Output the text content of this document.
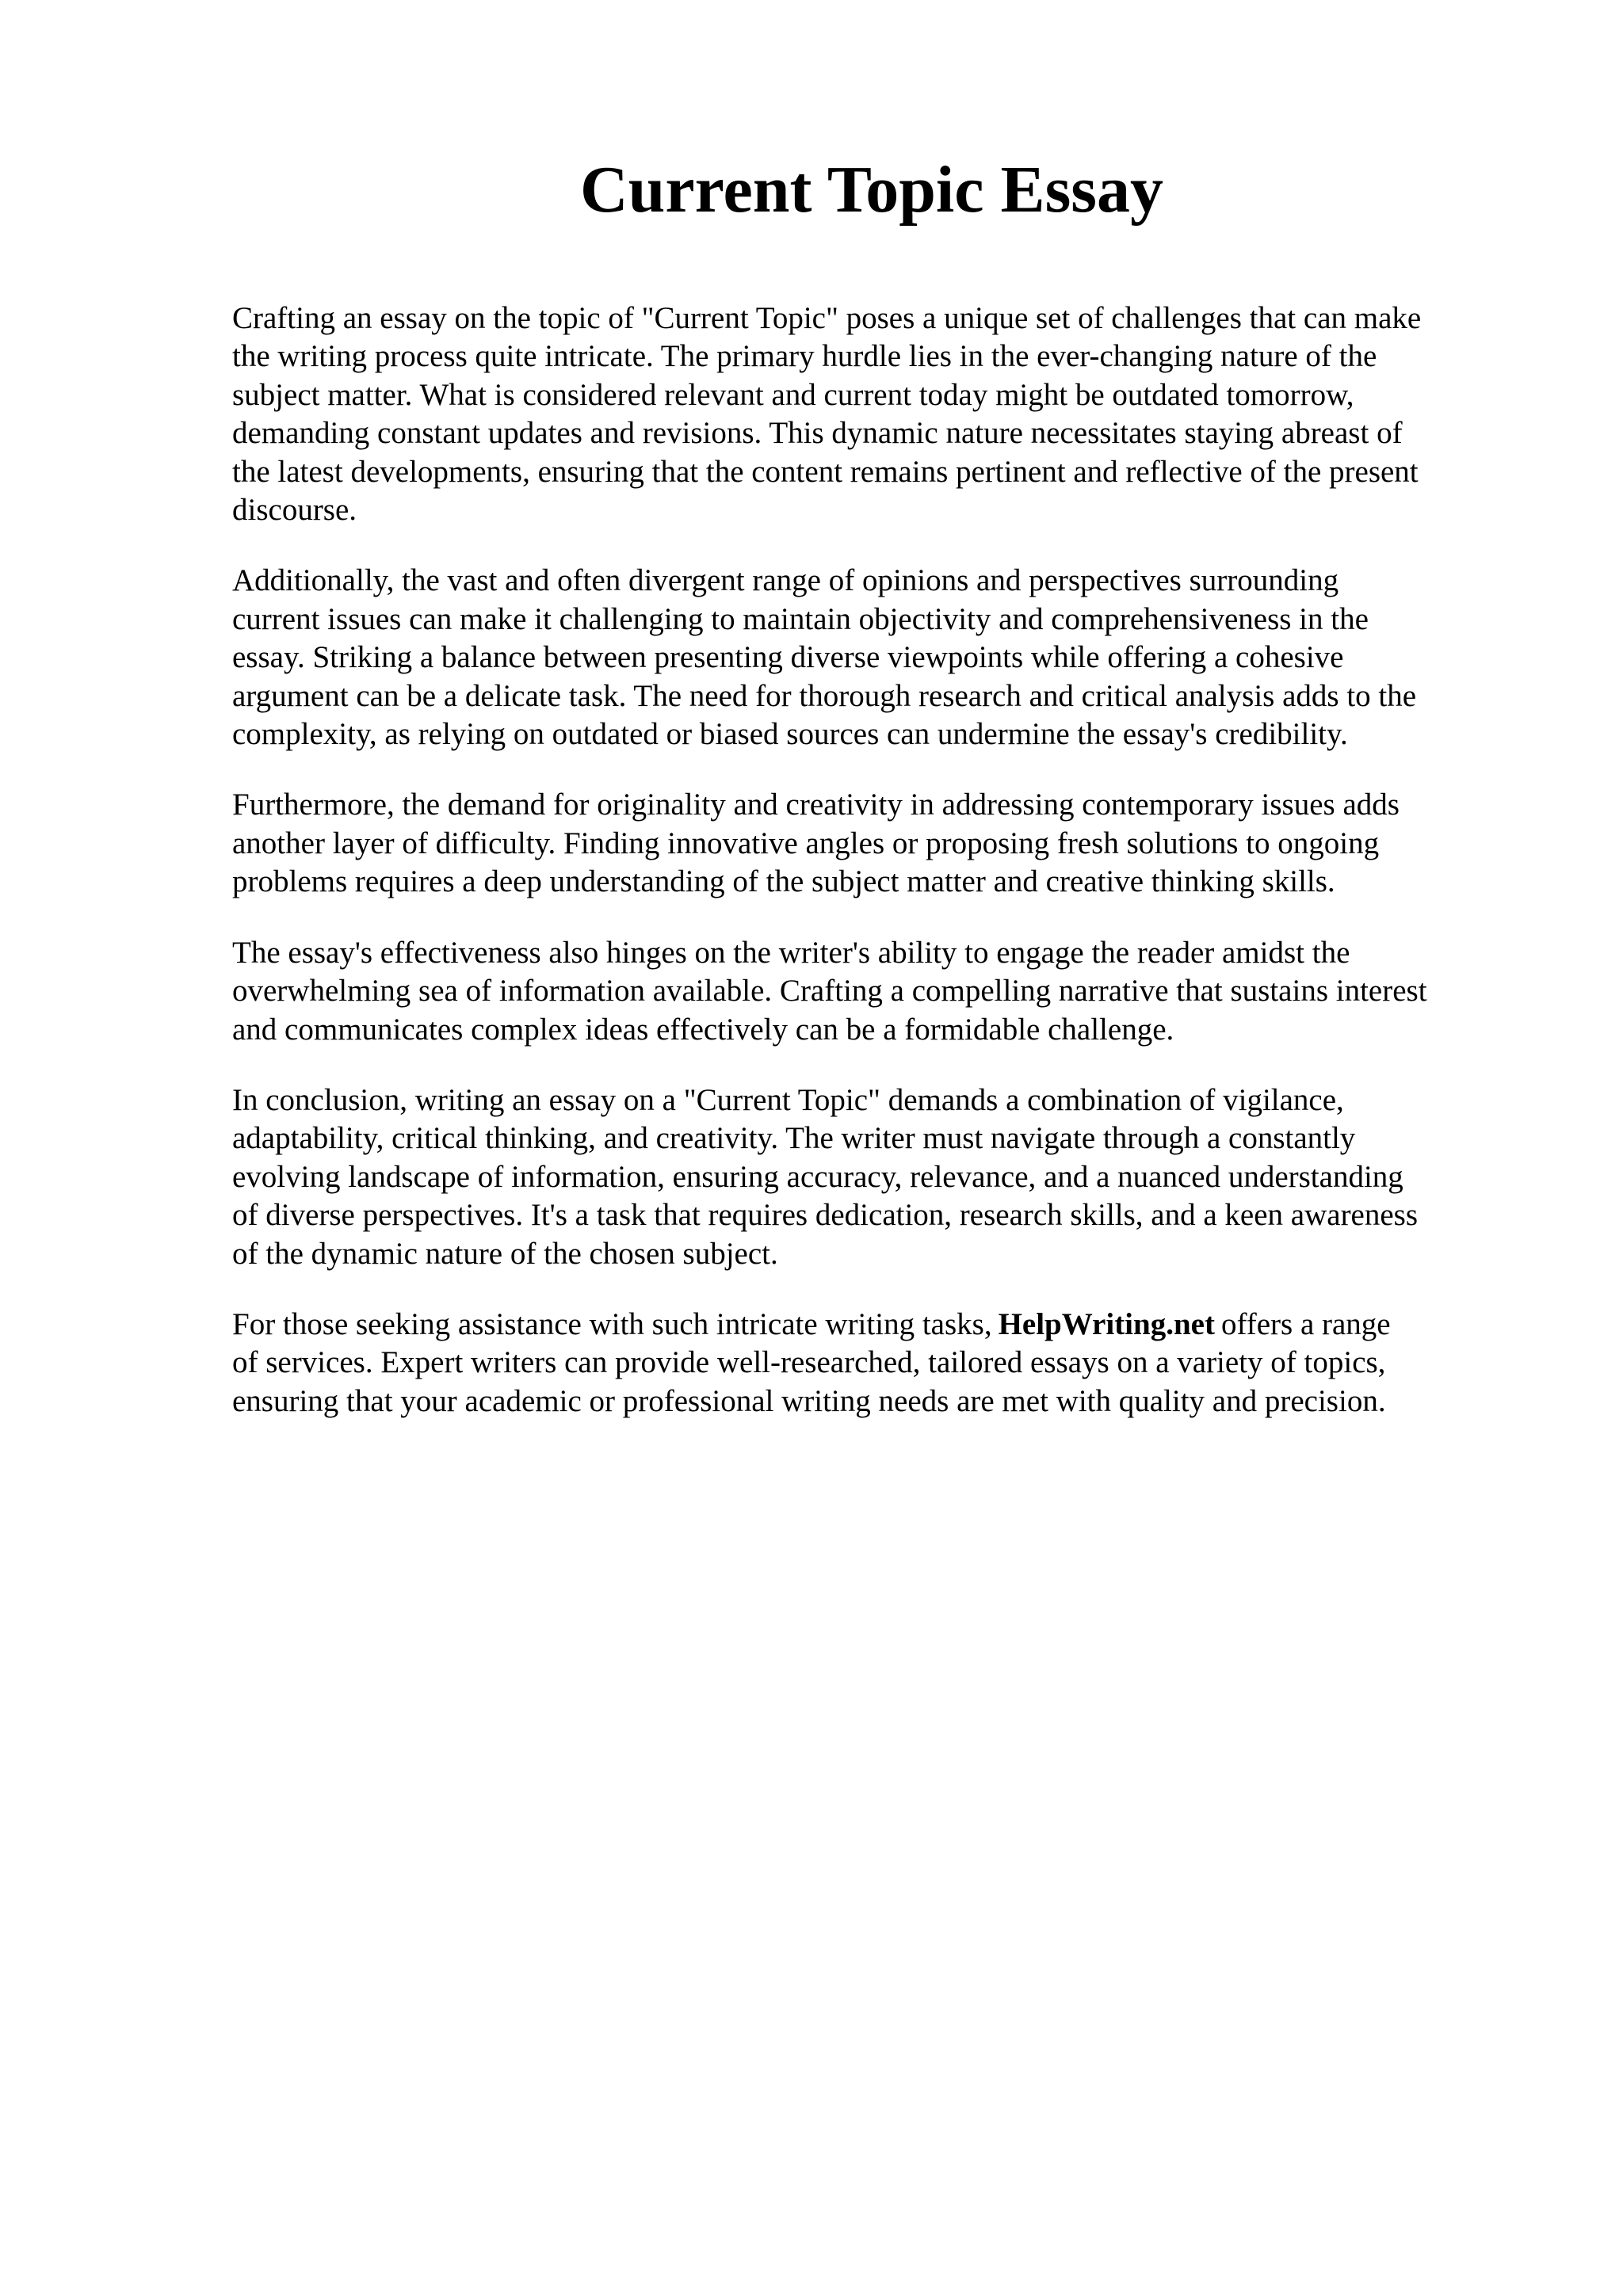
Current Topic Essay

Crafting an essay on the topic of "Current Topic" poses a unique set of challenges that can make
the writing process quite intricate. The primary hurdle lies in the ever-changing nature of the
subject matter. What is considered relevant and current today might be outdated tomorrow,
demanding constant updates and revisions. This dynamic nature necessitates staying abreast of
the latest developments, ensuring that the content remains pertinent and reflective of the present
discourse.

Additionally, the vast and often divergent range of opinions and perspectives surrounding
current issues can make it challenging to maintain objectivity and comprehensiveness in the
essay. Striking a balance between presenting diverse viewpoints while offering a cohesive
argument can be a delicate task. The need for thorough research and critical analysis adds to the
complexity, as relying on outdated or biased sources can undermine the essay's credibility.

Furthermore, the demand for originality and creativity in addressing contemporary issues adds
another layer of difficulty. Finding innovative angles or proposing fresh solutions to ongoing
problems requires a deep understanding of the subject matter and creative thinking skills.

The essay's effectiveness also hinges on the writer's ability to engage the reader amidst the
overwhelming sea of information available. Crafting a compelling narrative that sustains interest
and communicates complex ideas effectively can be a formidable challenge.

In conclusion, writing an essay on a "Current Topic" demands a combination of vigilance,
adaptability, critical thinking, and creativity. The writer must navigate through a constantly
evolving landscape of information, ensuring accuracy, relevance, and a nuanced understanding
of diverse perspectives. It's a task that requires dedication, research skills, and a keen awareness
of the dynamic nature of the chosen subject.

For those seeking assistance with such intricate writing tasks, HelpWriting.net offers a range
of services. Expert writers can provide well-researched, tailored essays on a variety of topics,
ensuring that your academic or professional writing needs are met with quality and precision.
